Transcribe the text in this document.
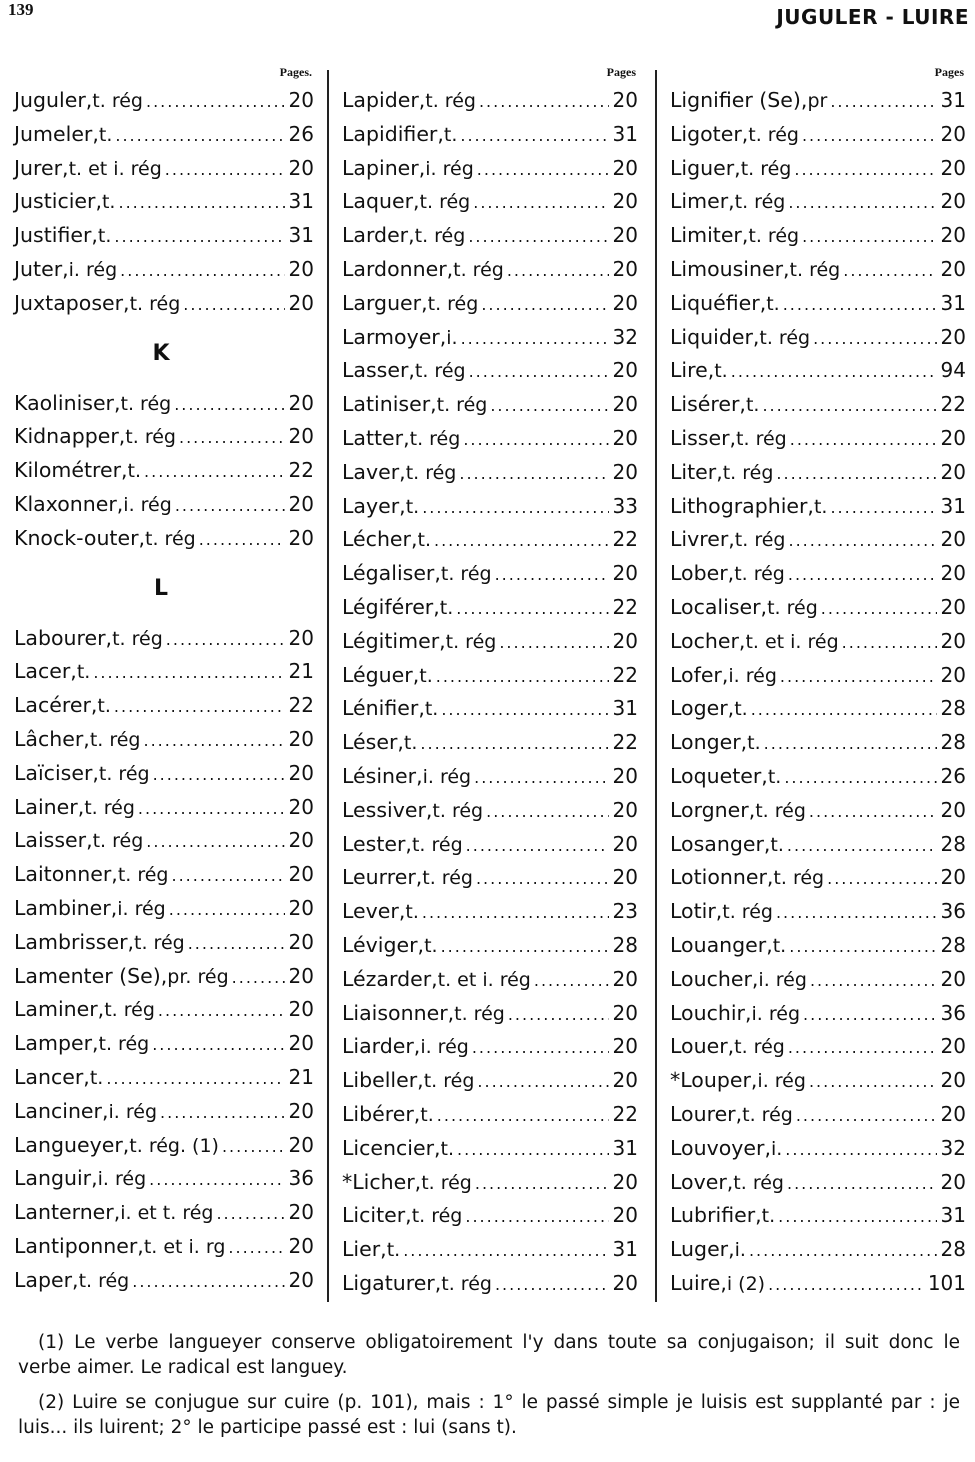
139	JUGULER - LUIRE
Pages.
Juguler, t. rég .....	20
Jumeler, t. .....	26
Jurer, t. et i. rég .....	20
Justicier, t. .....	31
Justifier, t. .....	31
Juter, i. rég .....	20
Juxtaposer, t. rég .....	20
K
Kaoliniser, t. rég .....	20
Kidnapper, t. rég .....	20
Kilométrer, t. .....	22
Klaxonner, i. rég .....	20
Knock-outer, t. rég .....	20
L
Labourer, t. rég .....	20
Lacer, t. .....	21
Lacérer, t. .....	22
Lâcher, t. rég .....	20
Laïciser, t. rég .....	20
Lainer, t. rég .....	20
Laisser, t. rég .....	20
Laitonner, t. rég .....	20
Lambiner, i. rég .....	20
Lambrisser, t. rég .....	20
Lamenter (Se), pr. rég .....	20
Laminer, t. rég .....	20
Lamper, t. rég .....	20
Lancer, t. .....	21
Lanciner, i. rég .....	20
Langueyer, t. rég. (1) .....	20
Languir, i. rég .....	36
Lanterner, i. et t. rég .....	20
Lantiponner, t. et i. rg .....	20
Laper, t. rég .....	20
Pages
Lapider, t. rég .....	20
Lapidifier, t. .....	31
Lapiner, i. rég .....	20
Laquer, t. rég .....	20
Larder, t. rég .....	20
Lardonner, t. rég .....	20
Larguer, t. rég .....	20
Larmoyer, i. .....	32
Lasser, t. rég .....	20
Latiniser, t. rég .....	20
Latter, t. rég .....	20
Laver, t. rég .....	20
Layer, t. .....	33
Lécher, t. .....	22
Légaliser, t. rég .....	20
Légiférer, t. .....	22
Légitimer, t. rég .....	20
Léguer, t. .....	22
Lénifier, t. .....	31
Léser, t. .....	22
Lésiner, i. rég .....	20
Lessiver, t. rég .....	20
Lester, t. rég .....	20
Leurrer, t. rég .....	20
Lever, t. .....	23
Léviger, t. .....	28
Lézarder, t. et i. rég .....	20
Liaisonner, t. rég .....	20
Liarder, i. rég .....	20
Libeller, t. rég .....	20
Libérer, t. .....	22
Licencier, t. .....	31
*Licher, t. rég .....	20
Liciter, t. rég .....	20
Lier, t. .....	31
Ligaturer, t. rég .....	20
Pages
Lignifier (Se), pr .....	31
Ligoter, t. rég .....	20
Liguer, t. rég .....	20
Limer, t. rég .....	20
Limiter, t. rég .....	20
Limousiner, t. rég .....	20
Liquéfier, t. .....	31
Liquider, t. rég .....	20
Lire, t. .....	94
Lisérer, t. .....	22
Lisser, t. rég .....	20
Liter, t. rég .....	20
Lithographier, t. .....	31
Livrer, t. rég .....	20
Lober, t. rég .....	20
Localiser, t. rég .....	20
Locher, t. et i. rég .....	20
Lofer, i. rég .....	20
Loger, t. .....	28
Longer, t. .....	28
Loqueter, t. .....	26
Lorgner, t. rég .....	20
Losanger, t. .....	28
Lotionner, t. rég .....	20
Lotir, t. rég .....	36
Louanger, t. .....	28
Loucher, i. rég .....	20
Louchir, i. rég .....	36
Louer, t. rég .....	20
*Louper, i. rég .....	20
Lourer, t. rég .....	20
Louvoyer, i. .....	32
Lover, t. rég .....	20
Lubrifier, t. .....	31
Luger, i. .....	28
Luire, i (2) .....	101

(1) Le verbe langueyer conserve obligatoirement l'y dans toute sa conjugaison; il suit donc le verbe aimer. Le radical est languey.

(2) Luire se conjugue sur cuire (p. 101), mais : 1° le passé simple je luisis est supplanté par : je luis... ils luirent; 2° le participe passé est : lui (sans t).
